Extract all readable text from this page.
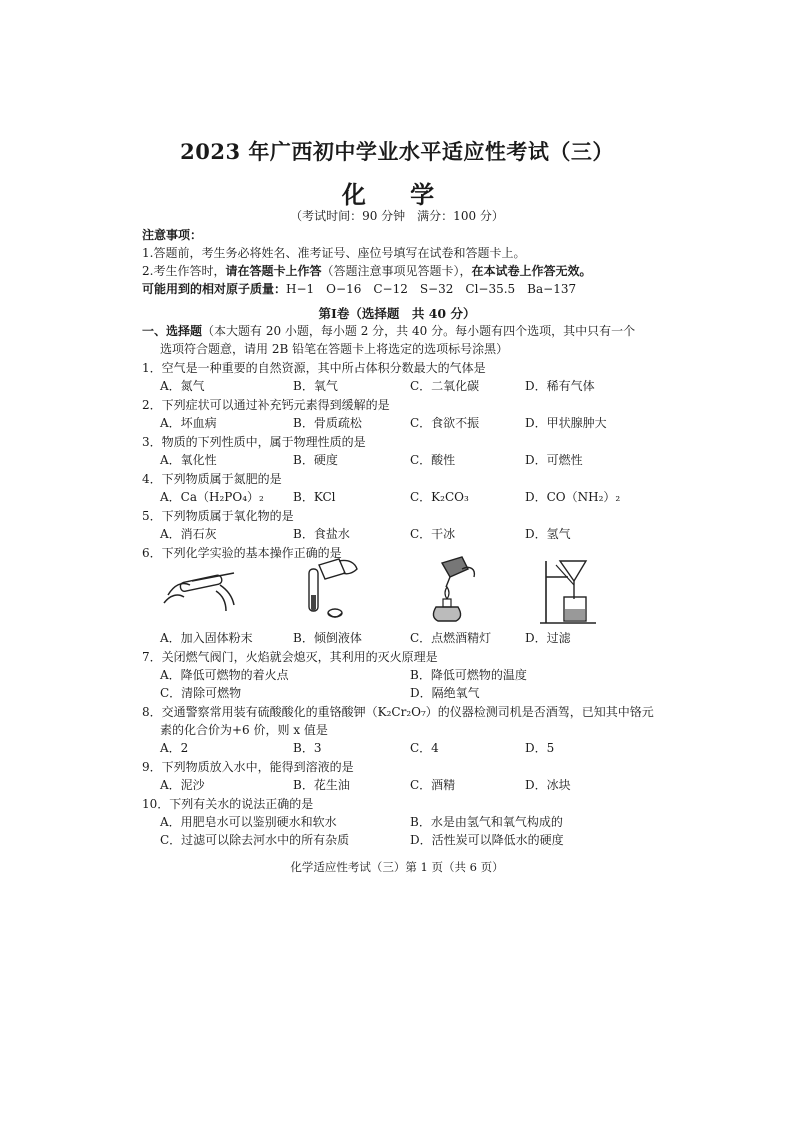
2023 年广西初中学业水平适应性考试（三）
化 学
（考试时间：90 分钟　满分：100 分）
注意事项：
1.答题前，考生务必将姓名、准考证号、座位号填写在试卷和答题卡上。
2.考生作答时，请在答题卡上作答（答题注意事项见答题卡），在本试卷上作答无效。
可能用到的相对原子质量：H−1　O−16　C−12　S−32　Cl−35.5　Ba−137
第Ⅰ卷（选择题　共 40 分）
一、选择题（本大题有 20 小题，每小题 2 分，共 40 分。每小题有四个选项，其中只有一个
选项符合题意，请用 2B 铅笔在答题卡上将选定的选项标号涂黑）
1．空气是一种重要的自然资源，其中所占体积分数最大的气体是
A．氮气	B．氧气	C．二氧化碳	D．稀有气体
2．下列症状可以通过补充钙元素得到缓解的是
A．坏血病	B．骨质疏松	C．食欲不振	D．甲状腺肿大
3．物质的下列性质中，属于物理性质的是
A．氧化性	B．硬度	C．酸性	D．可燃性
4．下列物质属于氮肥的是
A．Ca（H₂PO₄）₂ B．KCl	C．K₂CO₃	D．CO（NH₂）₂
5．下列物质属于氧化物的是
A．消石灰	B．食盐水	C．干冰	D．氢气
6．下列化学实验的基本操作正确的是
A．加入固体粉末	B．倾倒液体	C．点燃酒精灯	D．过滤
7．关闭燃气阀门，火焰就会熄灭，其利用的灭火原理是
A．降低可燃物的着火点	B．降低可燃物的温度
C．清除可燃物	D．隔绝氧气
8．交通警察常用装有硫酸酸化的重铬酸钾（K₂Cr₂O₇）的仪器检测司机是否酒驾，已知其中铬元
素的化合价为+6 价，则 x 值是
A．2	B．3	C．4	D．5
9．下列物质放入水中，能得到溶液的是
A．泥沙	B．花生油	C．酒精	D．冰块
10．下列有关水的说法正确的是
A．用肥皂水可以鉴别硬水和软水	B．水是由氢气和氧气构成的
C．过滤可以除去河水中的所有杂质	D．活性炭可以降低水的硬度
化学适应性考试（三）第 1 页（共 6 页）
